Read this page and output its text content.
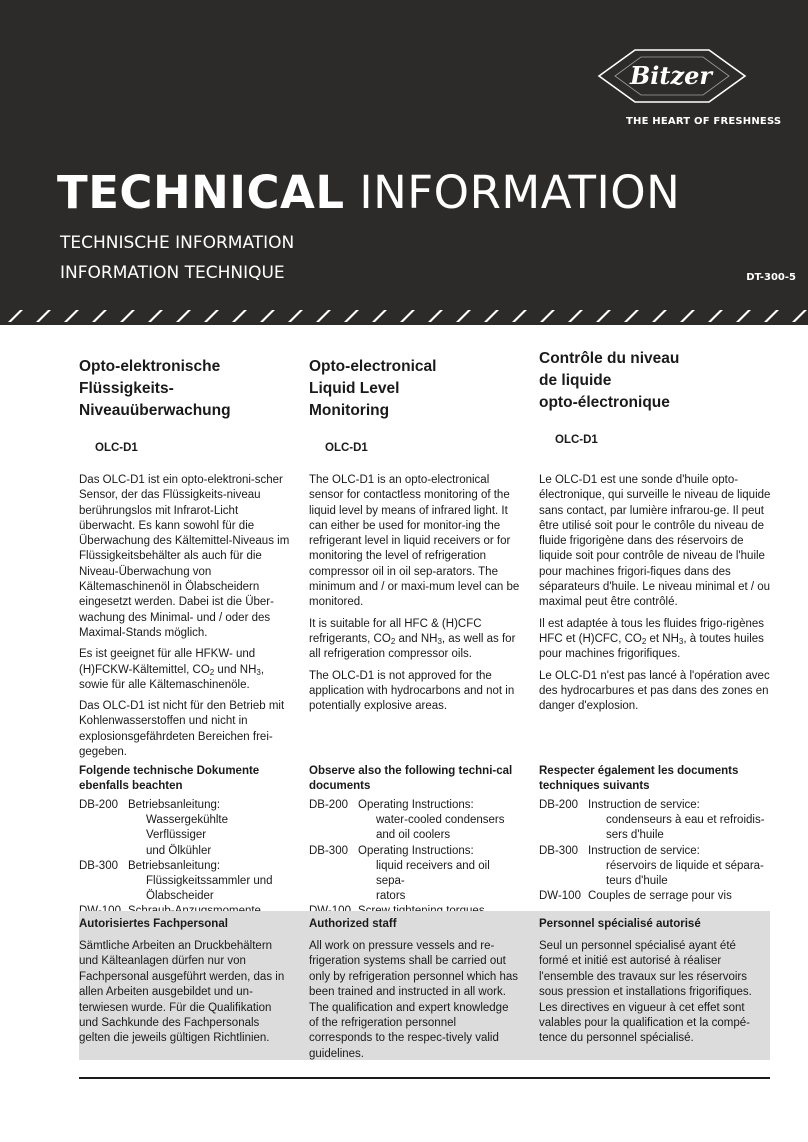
Bitzer
THE HEART OF FRESHNESS
TECHNICAL INFORMATION
TECHNISCHE INFORMATION
INFORMATION TECHNIQUE	DT-300-5
Opto-elektronische
Flüssigkeits-
Niveauüberwachung
OLC-D1

Das OLC-D1 ist ein opto-elektroni-scher Sensor, der das Flüssigkeits-niveau berührungslos mit Infrarot-Licht überwacht. Es kann sowohl für die Überwachung des Kältemittel-Niveaus im Flüssigkeitsbehälter als auch für die Niveau-Überwachung von Kältemaschinenöl in Ölabscheidern eingesetzt werden. Dabei ist die Über-wachung des Minimal- und / oder des Maximal-Stands möglich.

Es ist geeignet für alle HFKW- und (H)FCKW-Kältemittel, $CO_2$ und $NH_3$, sowie für alle Kältemaschinenöle.

Das OLC-D1 ist nicht für den Betrieb mit Kohlenwasserstoffen und nicht in explosionsgefährdeten Bereichen frei-gegeben.

Folgende technische Dokumente ebenfalls beachten
DB-200 Betriebsanleitung:
Wassergekühlte Verflüssiger
und Ölkühler
DB-300 Betriebsanleitung:
Flüssigkeitssammler und
Ölabscheider
Opto-electronical
Liquid Level
Monitoring
OLC-D1

The OLC-D1 is an opto-electronical sensor for contactless monitoring of the liquid level by means of infrared light. It can either be used for monitor-ing the refrigerant level in liquid receivers or for monitoring the level of refrigeration compressor oil in oil sep-arators. The minimum and / or maxi-mum level can be monitored.

It is suitable for all HFC & (H)CFC refrigerants, $CO_2$ and $NH_3$, as well as for all refrigeration compressor oils.

The OLC-D1 is not approved for the application with hydrocarbons and not in potentially explosive areas.

Observe also the following techni-cal documents
DB-200 Operating Instructions:
water-cooled condensers
and oil coolers
DB-300 Operating Instructions:
liquid receivers and oil sepa-
rators
Contrôle du niveau
de liquide
opto-électronique
OLC-D1

Le OLC-D1 est une sonde d'huile opto-électronique, qui surveille le niveau de liquide sans contact, par lumière infrarou-ge. Il peut être utilisé soit pour le contrôle du niveau de fluide frigorigène dans des réservoirs de liquide soit pour contrôle de niveau de l'huile pour machines frigori-fiques dans des séparateurs d'huile. Le niveau minimal et / ou maximal peut être contrôlé.

Il est adaptée à tous les fluides frigo-rigènes HFC et (H)CFC, $CO_2$ et $NH_3$, à toutes huiles pour machines frigorifiques.

Le OLC-D1 n'est pas lancé à l'opération avec des hydrocarbures et pas dans des zones en danger d'explosion.

Respecter également les documents techniques suivants
DB-200 Instruction de service:
condenseurs à eau et refroidis-
sers d'huile
DB-300 Instruction de service:
réservoirs de liquide et sépara-
teurs d'huile
DW-100 Couples de serrage pour vis
Autorisiertes Fachpersonal
Sämtliche Arbeiten an Druckbehältern und Kälteanlagen dürfen nur von Fachpersonal ausgeführt werden, das in allen Arbeiten ausgebildet und un-terwiesen wurde. Für die Qualifikation und Sachkunde des Fachpersonals gelten die jeweils gültigen Richtlinien.
Authorized staff
All work on pressure vessels and re-frigeration systems shall be carried out only by refrigeration personnel which has been trained and instructed in all work. The qualification and expert knowledge of the refrigeration personnel corresponds to the respec-tively valid guidelines.
Personnel spécialisé autorisé
Seul un personnel spécialisé ayant été formé et initié est autorisé à réaliser l'ensemble des travaux sur les réservoirs sous pression et installations frigorifiques. Les directives en vigueur à cet effet sont valables pour la qualification et la compé-tence du personnel spécialisé.
